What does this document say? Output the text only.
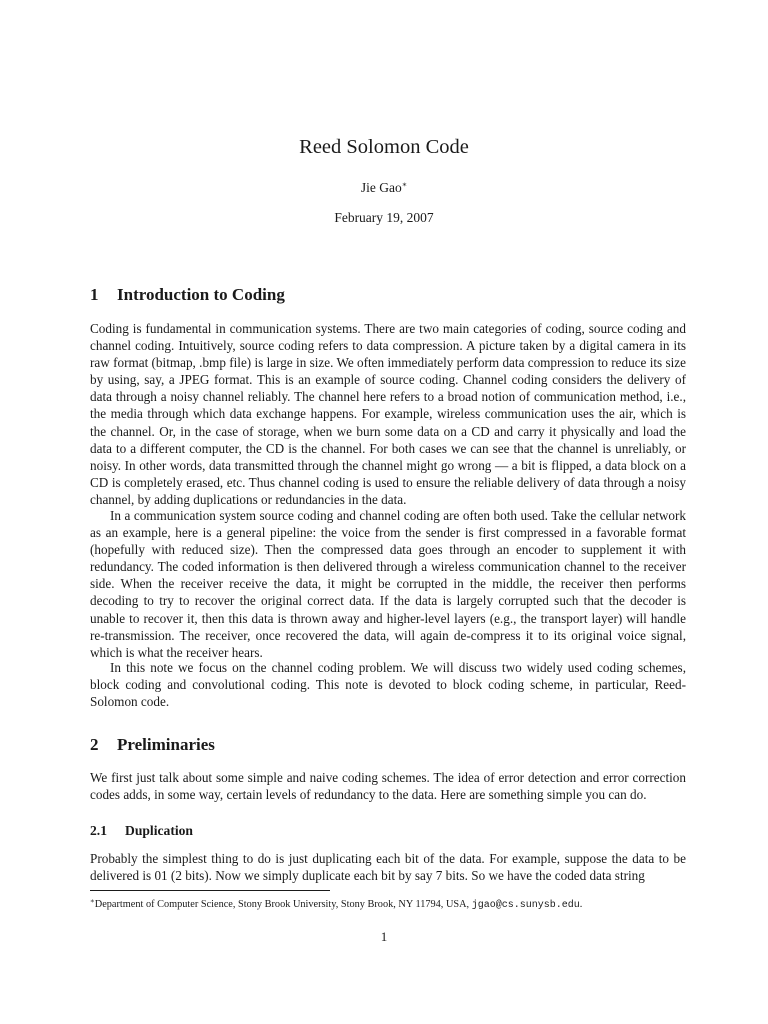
Reed Solomon Code
Jie Gao∗
February 19, 2007
1 Introduction to Coding

Coding is fundamental in communication systems. There are two main categories of coding, source coding and channel coding. Intuitively, source coding refers to data compression. A picture taken by a digital camera in its raw format (bitmap, .bmp file) is large in size. We often immediately perform data compression to reduce its size by using, say, a JPEG format. This is an example of source coding. Channel coding considers the delivery of data through a noisy channel reliably. The channel here refers to a broad notion of communication method, i.e., the media through which data exchange happens. For example, wireless communication uses the air, which is the channel. Or, in the case of storage, when we burn some data on a CD and carry it physically and load the data to a different computer, the CD is the channel. For both cases we can see that the channel is unreliably, or noisy. In other words, data transmitted through the channel might go wrong — a bit is flipped, a data block on a CD is completely erased, etc. Thus channel coding is used to ensure the reliable delivery of data through a noisy channel, by adding duplications or redundancies in the data.

In a communication system source coding and channel coding are often both used. Take the cellular network as an example, here is a general pipeline: the voice from the sender is first compressed in a favorable format (hopefully with reduced size). Then the compressed data goes through an encoder to supplement it with redundancy. The coded information is then delivered through a wireless communication channel to the receiver side. When the receiver receive the data, it might be corrupted in the middle, the receiver then performs decoding to try to recover the original correct data. If the data is largely corrupted such that the decoder is unable to recover it, then this data is thrown away and higher-level layers (e.g., the transport layer) will handle re-transmission. The receiver, once recovered the data, will again de-compress it to its original voice signal, which is what the receiver hears.

In this note we focus on the channel coding problem. We will discuss two widely used coding schemes, block coding and convolutional coding. This note is devoted to block coding scheme, in particular, Reed-Solomon code.

2 Preliminaries

We first just talk about some simple and naive coding schemes. The idea of error detection and error correction codes adds, in some way, certain levels of redundancy to the data. Here are something simple you can do.

2.1 Duplication

Probably the simplest thing to do is just duplicating each bit of the data. For example, suppose the data to be delivered is 01 (2 bits). Now we simply duplicate each bit by say 7 bits. So we have the coded data string

∗Department of Computer Science, Stony Brook University, Stony Brook, NY 11794, USA, jgao@cs.sunysb.edu.
1
